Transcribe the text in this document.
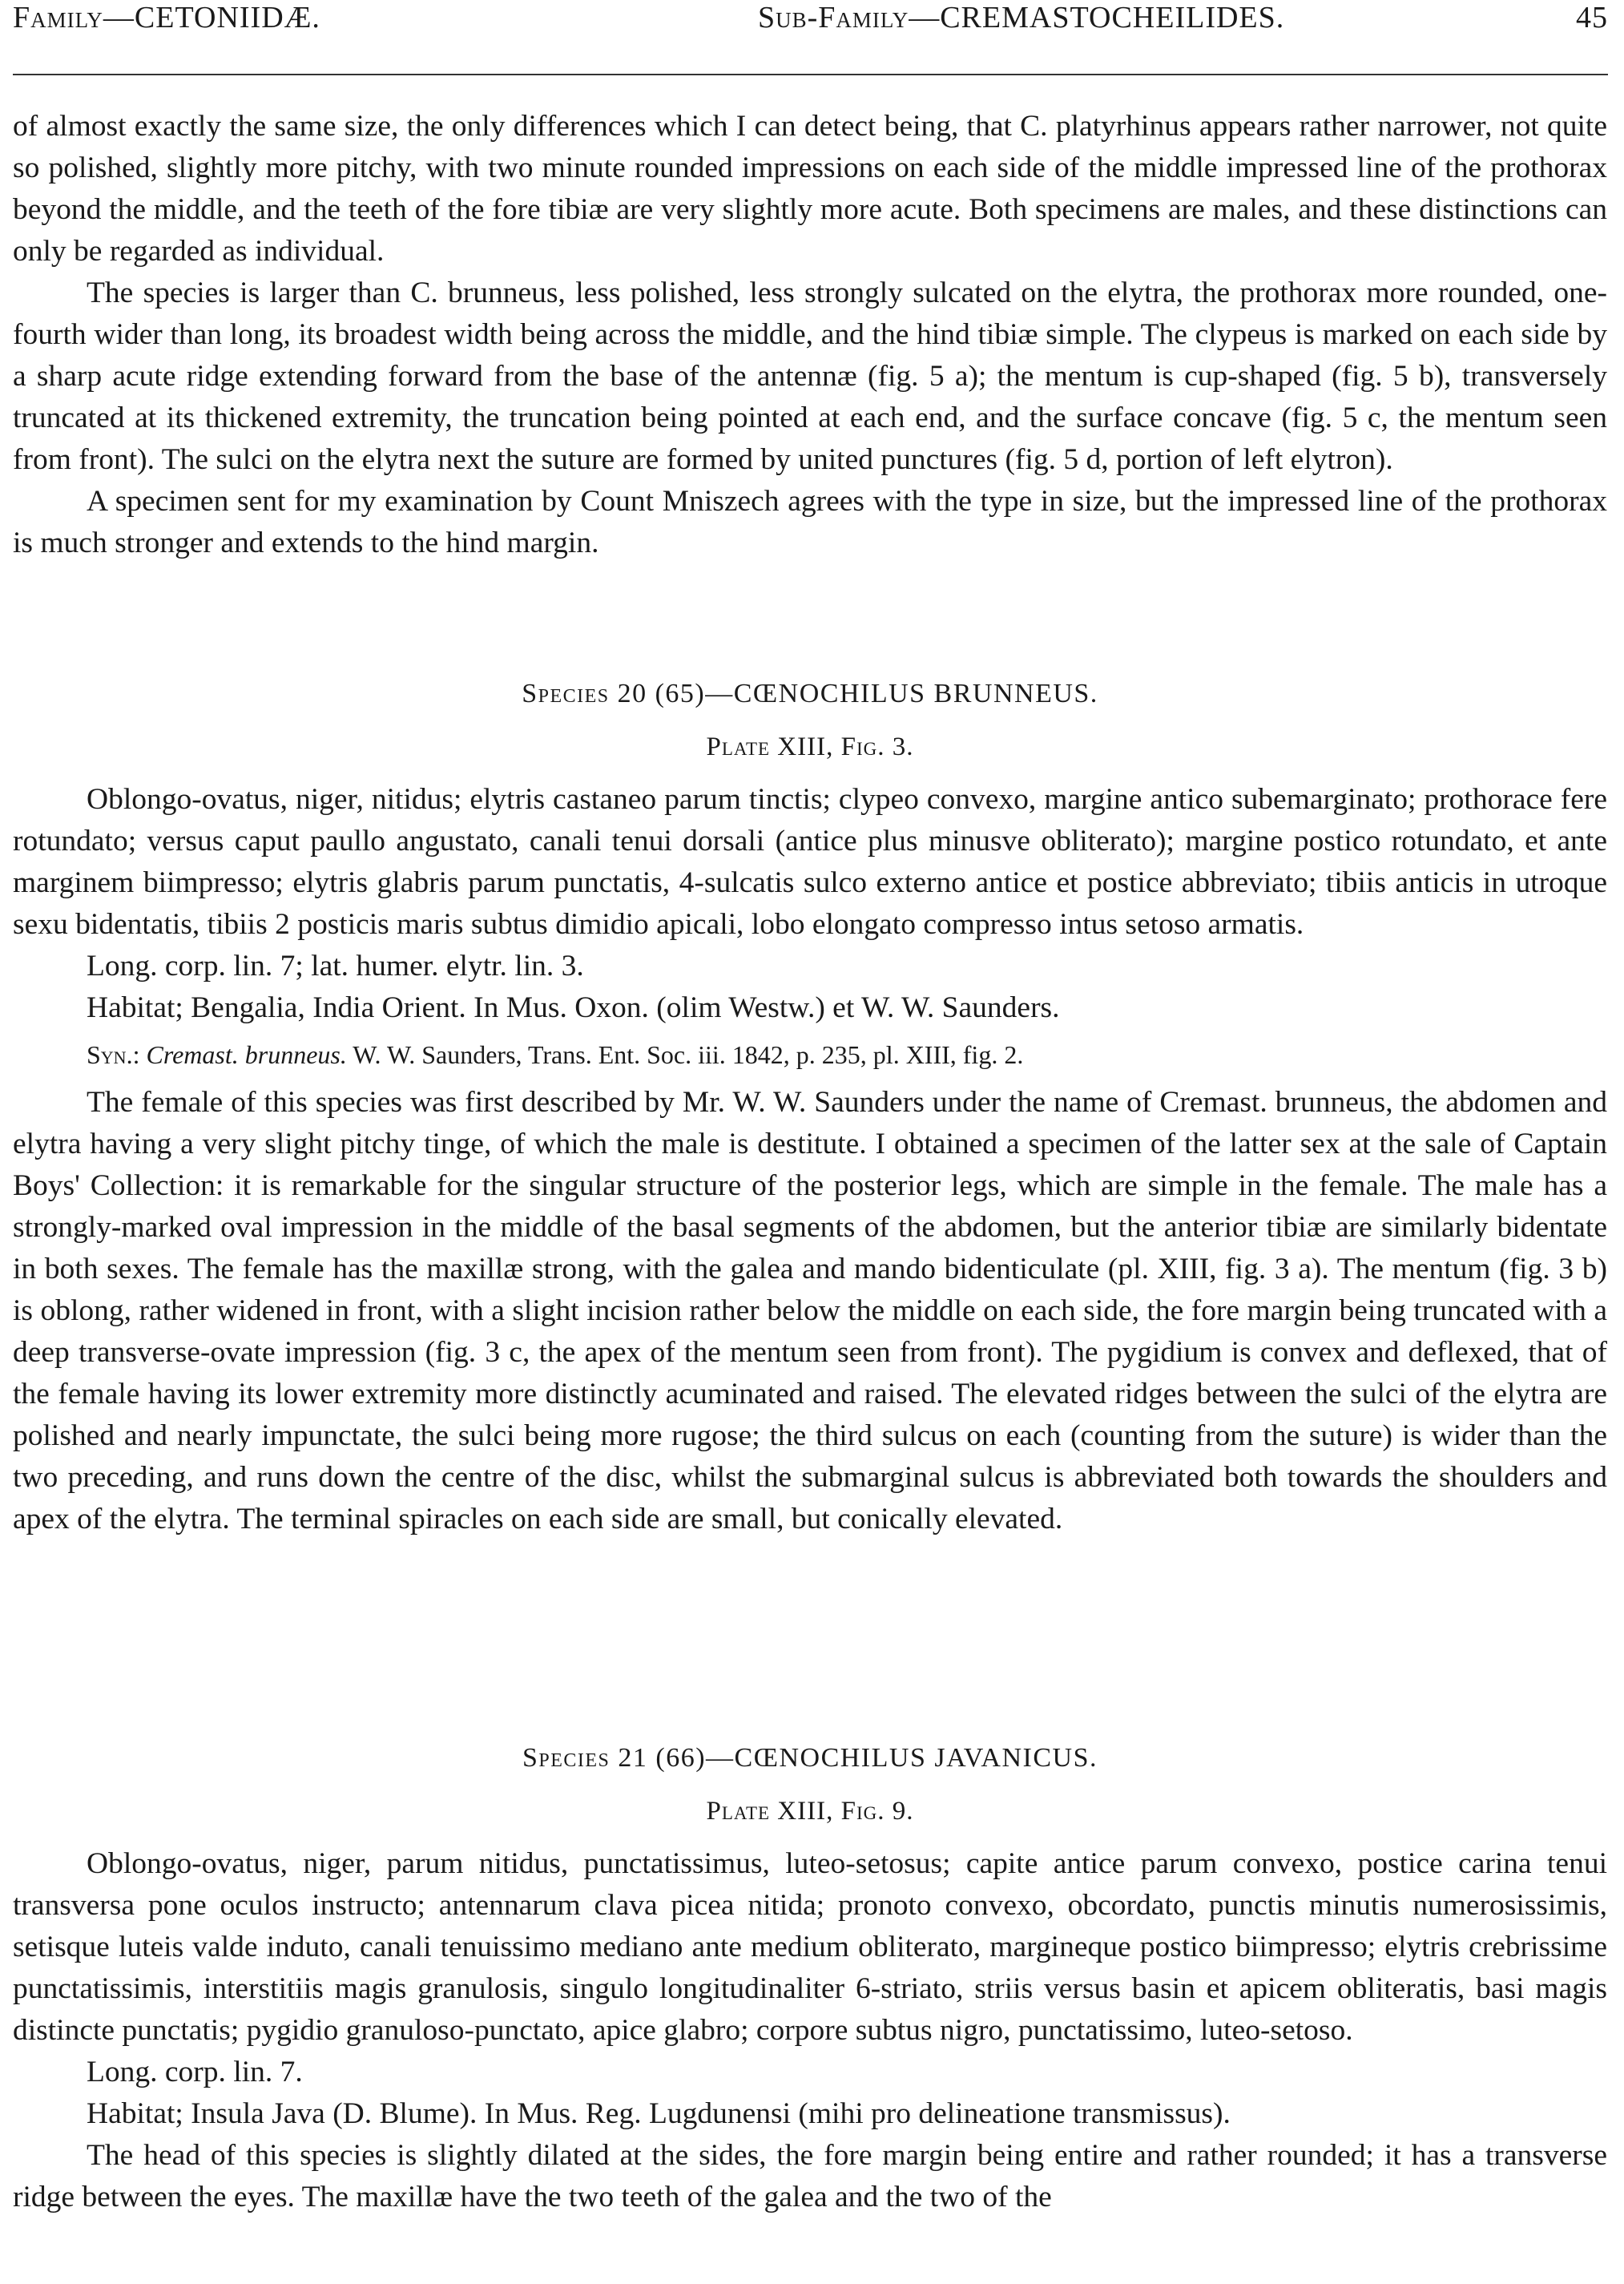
Family—CETONIIDÆ.	Sub-Family—CREMASTOCHEILIDES.	45

of almost exactly the same size, the only differences which I can detect being, that C. platyrhinus appears rather narrower, not quite so polished, slightly more pitchy, with two minute rounded impressions on each side of the middle impressed line of the prothorax beyond the middle, and the teeth of the fore tibiæ are very slightly more acute. Both specimens are males, and these distinctions can only be regarded as individual.

The species is larger than C. brunneus, less polished, less strongly sulcated on the elytra, the prothorax more rounded, one-fourth wider than long, its broadest width being across the middle, and the hind tibiæ simple. The clypeus is marked on each side by a sharp acute ridge extending forward from the base of the antennæ (fig. 5 a); the mentum is cup-shaped (fig. 5 b), transversely truncated at its thickened extremity, the truncation being pointed at each end, and the surface concave (fig. 5 c, the mentum seen from front). The sulci on the elytra next the suture are formed by united punctures (fig. 5 d, portion of left elytron).

A specimen sent for my examination by Count Mniszech agrees with the type in size, but the impressed line of the prothorax is much stronger and extends to the hind margin.

Species 20 (65)—CŒNOCHILUS BRUNNEUS.

Plate XIII, Fig. 3.

Oblongo-ovatus, niger, nitidus; elytris castaneo parum tinctis; clypeo convexo, margine antico subemarginato; prothorace fere rotundato; versus caput paullo angustato, canali tenui dorsali (antice plus minusve obliterato); margine postico rotundato, et ante marginem biimpresso; elytris glabris parum punctatis, 4-sulcatis sulco externo antice et postice abbreviato; tibiis anticis in utroque sexu bidentatis, tibiis 2 posticis maris subtus dimidio apicali, lobo elongato compresso intus setoso armatis.

Long. corp. lin. 7; lat. humer. elytr. lin. 3.

Habitat; Bengalia, India Orient. In Mus. Oxon. (olim Westw.) et W. W. Saunders.

Syn.: Cremast. brunneus. W. W. Saunders, Trans. Ent. Soc. iii. 1842, p. 235, pl. XIII, fig. 2.

The female of this species was first described by Mr. W. W. Saunders under the name of Cremast. brunneus, the abdomen and elytra having a very slight pitchy tinge, of which the male is destitute. I obtained a specimen of the latter sex at the sale of Captain Boys' Collection: it is remarkable for the singular structure of the posterior legs, which are simple in the female. The male has a strongly-marked oval impression in the middle of the basal segments of the abdomen, but the anterior tibiæ are similarly bidentate in both sexes. The female has the maxillæ strong, with the galea and mando bidenticulate (pl. XIII, fig. 3 a). The mentum (fig. 3 b) is oblong, rather widened in front, with a slight incision rather below the middle on each side, the fore margin being truncated with a deep transverse-ovate impression (fig. 3 c, the apex of the mentum seen from front). The pygidium is convex and deflexed, that of the female having its lower extremity more distinctly acuminated and raised. The elevated ridges between the sulci of the elytra are polished and nearly impunctate, the sulci being more rugose; the third sulcus on each (counting from the suture) is wider than the two preceding, and runs down the centre of the disc, whilst the submarginal sulcus is abbreviated both towards the shoulders and apex of the elytra. The terminal spiracles on each side are small, but conically elevated.

Species 21 (66)—CŒNOCHILUS JAVANICUS.

Plate XIII, Fig. 9.

Oblongo-ovatus, niger, parum nitidus, punctatissimus, luteo-setosus; capite antice parum convexo, postice carina tenui transversa pone oculos instructo; antennarum clava picea nitida; pronoto convexo, obcordato, punctis minutis numerosissimis, setisque luteis valde induto, canali tenuissimo mediano ante medium obliterato, margineque postico biimpresso; elytris crebrissime punctatissimis, interstitiis magis granulosis, singulo longitudinaliter 6-striato, striis versus basin et apicem obliteratis, basi magis distincte punctatis; pygidio granuloso-punctato, apice glabro; corpore subtus nigro, punctatissimo, luteo-setoso.

Long. corp. lin. 7.

Habitat; Insula Java (D. Blume). In Mus. Reg. Lugdunensi (mihi pro delineatione transmissus).

The head of this species is slightly dilated at the sides, the fore margin being entire and rather rounded; it has a transverse ridge between the eyes. The maxillæ have the two teeth of the galea and the two of the
